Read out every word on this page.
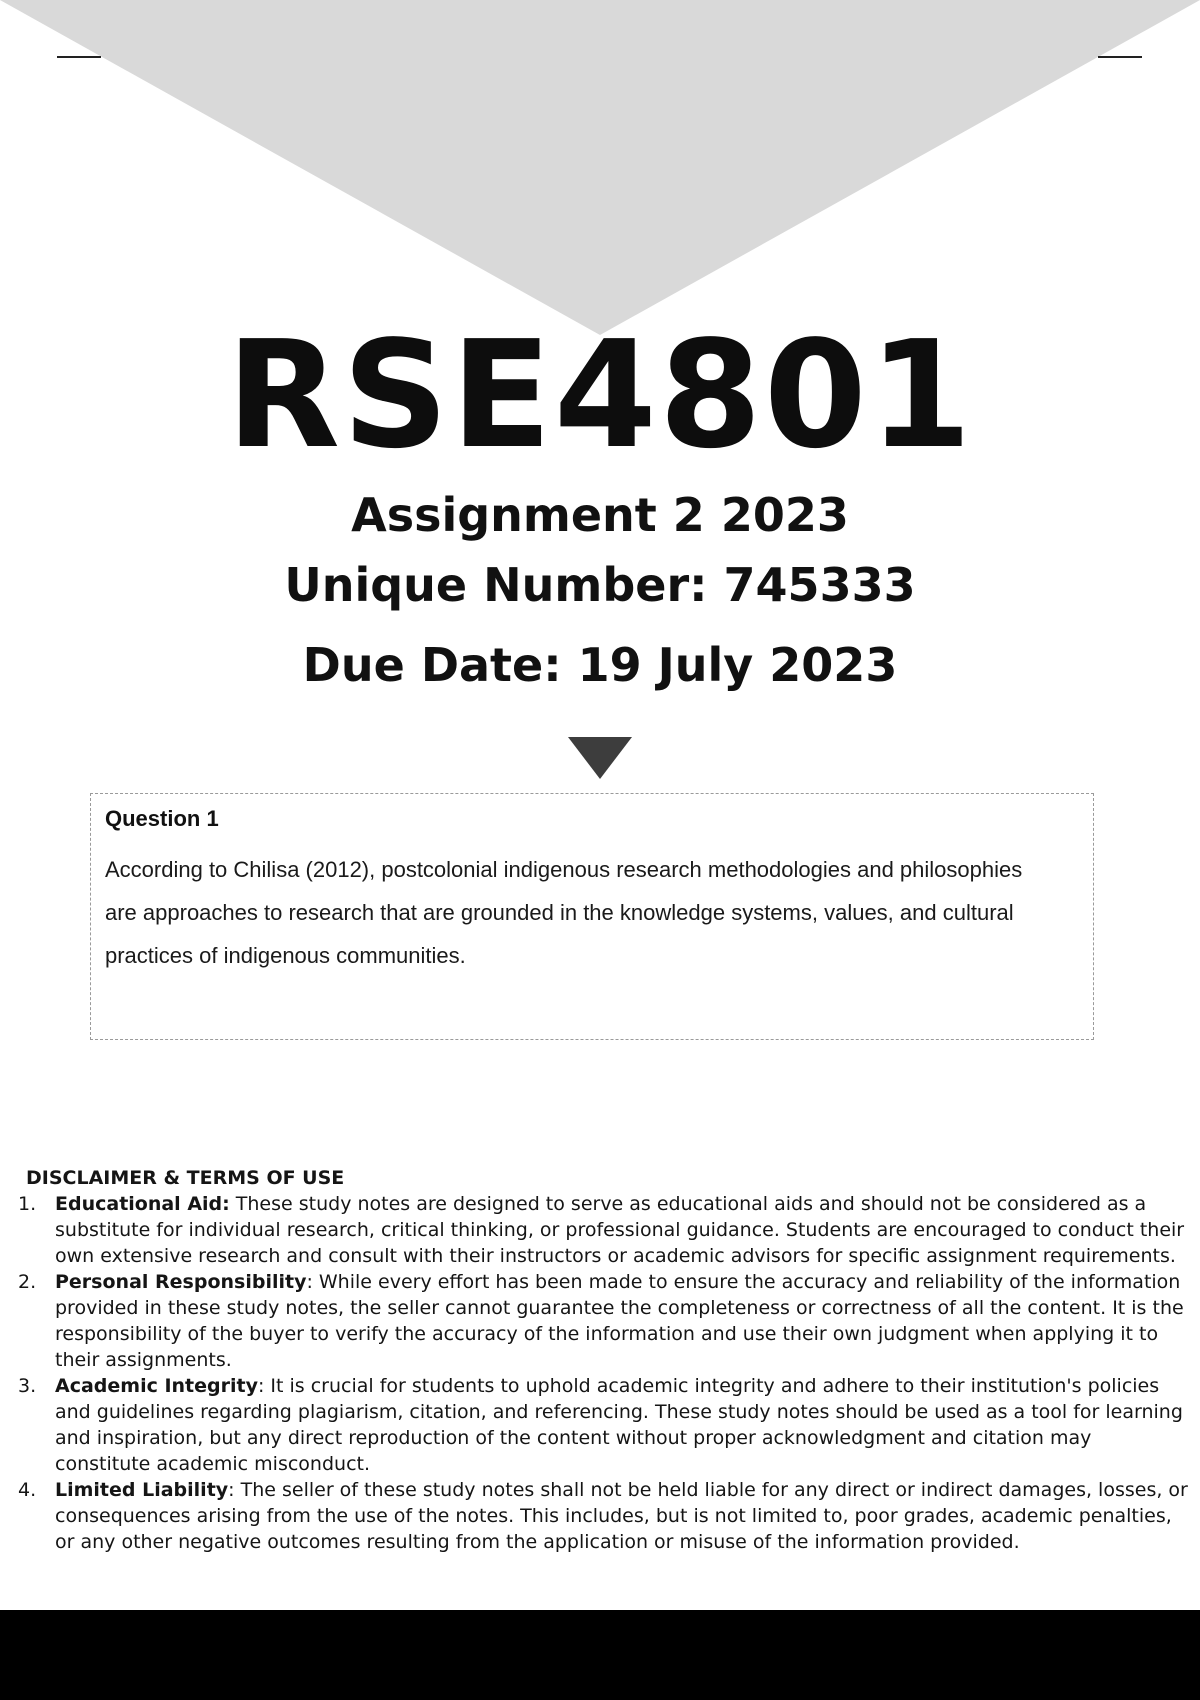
RSE4801
Assignment 2 2023
Unique Number: 745333
Due Date: 19 July 2023

Question 1

According to Chilisa (2012), postcolonial indigenous research methodologies and philosophies are approaches to research that are grounded in the knowledge systems, values, and cultural practices of indigenous communities.

DISCLAIMER & TERMS OF USE

1. Educational Aid: These study notes are designed to serve as educational aids and should not be considered as a substitute for individual research, critical thinking, or professional guidance. Students are encouraged to conduct their own extensive research and consult with their instructors or academic advisors for specific assignment requirements.
2. Personal Responsibility: While every effort has been made to ensure the accuracy and reliability of the information provided in these study notes, the seller cannot guarantee the completeness or correctness of all the content. It is the responsibility of the buyer to verify the accuracy of the information and use their own judgment when applying it to their assignments.
3. Academic Integrity: It is crucial for students to uphold academic integrity and adhere to their institution's policies and guidelines regarding plagiarism, citation, and referencing. These study notes should be used as a tool for learning and inspiration, but any direct reproduction of the content without proper acknowledgment and citation may constitute academic misconduct.
4. Limited Liability: The seller of these study notes shall not be held liable for any direct or indirect damages, losses, or consequences arising from the use of the notes. This includes, but is not limited to, poor grades, academic penalties, or any other negative outcomes resulting from the application or misuse of the information provided.
